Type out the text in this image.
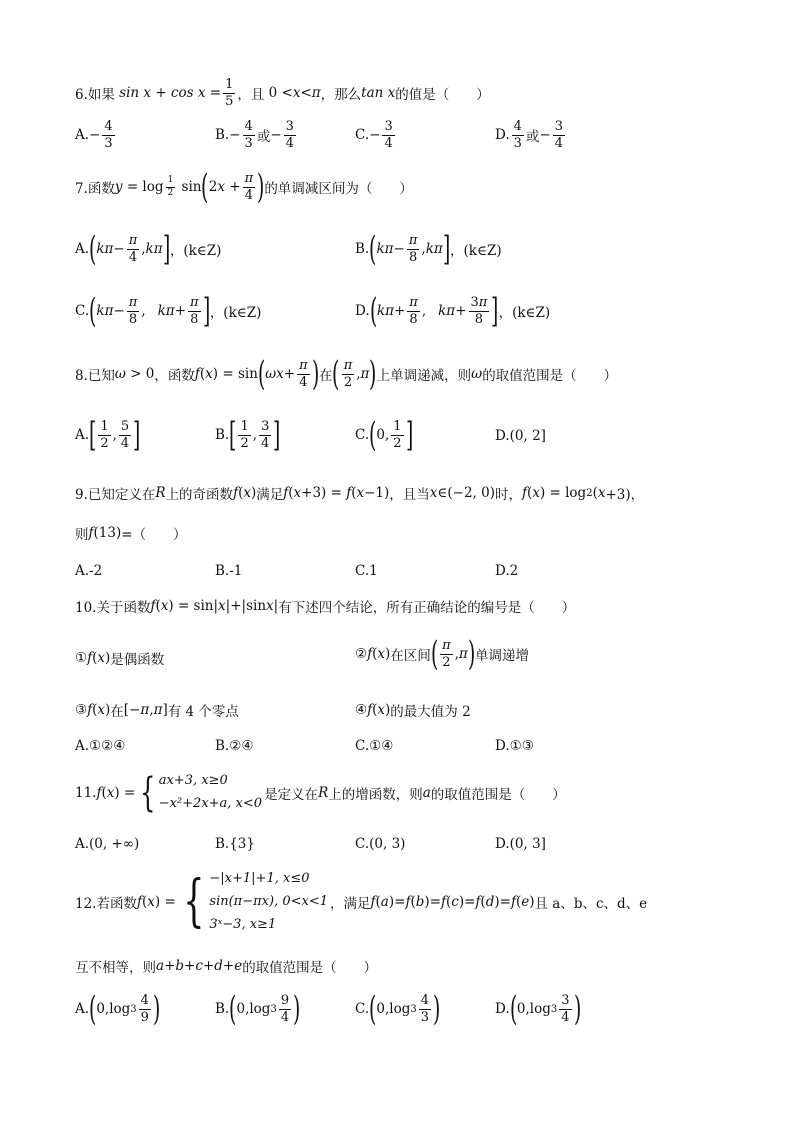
6.如果 $\sin x + \cos x = \frac{1}{5}$ ，且 0 < x < π ，那么 tan x 的值是（　　）
A. − $\frac{4}{3}$	B. − $\frac{4}{3}$ 或 − $\frac{3}{4}$	C. − $\frac{3}{4}$	D. $\frac{4}{3}$ 或 − $\frac{3}{4}$
7.函数 $y = \log \frac{1}{2}$ sin ( 2 $x + \frac{\pi}{4}$ ) 的单调减区间为（　　）
A. ( $k\pi - \frac{\pi}{4}$ , kπ ] ，(k∈Z)	B. ( $k\pi - \frac{\pi}{8}$ , kπ ] ，(k∈Z)
C. ( $k\pi - \frac{\pi}{8}$ , $k\pi + \frac{\pi}{8}$ ] ，(k∈Z)	D. ( $k\pi + \frac{\pi}{8}$ , $k\pi + \frac{3\pi}{8}$ ] ，(k∈Z)
8.已知 ω > 0 ，函数 f ( x ) = sin ( $\omega x + \frac{\pi}{4}$ ) 在 ( $\frac{\pi}{2}$ , π ) 上单调递减，则 ω 的取值范围是（　　）
A. [ $\frac{1}{2}$ , $\frac{5}{4}$ ]	B. [ $\frac{1}{2}$ , $\frac{3}{4}$ ]	C. ( 0, $\frac{1}{2}$ ]	D.(0, 2]
9.已知定义在 R 上的奇函数 f ( x ) 满足 f ( x +3) = f ( x −1) ，且当 x ∈(−2, 0) 时， f ( x ) = log 2 ( x +3)，
则 f (13) =（　　）
A.-2	B.-1	C.1	D.2
10.关于函数 f ( x ) = sin| x |+|sin x | 有下述四个结论，所有正确结论的编号是（　　）
① f ( x ) 是偶函数	② f ( x ) 在区间 ( $\frac{\pi}{2}$ , π ) 单调递增
③ f ( x ) 在 [− π , π ] 有 4 个零点	④ f ( x ) 的最大值为 2
A.①②④	B.②④	C.①④	D.①③
11. f ( x ) = { ax+3, x≥0
−x²+2x+a, x<0
是定义在 R 上的增函数，则 a 的取值范围是（　　）
A.(0, +∞)	B.{3}	C.(0, 3)	D.(0, 3]
12.若函数 f ( x ) = { −|x+1|+1, x≤0
sin(π−πx), 0<x<1
3ˣ−3, x≥1
，满足 f ( a )= f ( b )= f ( c )= f ( d )= f ( e ) 且 a、b、c、d、e
互不相等，则 a + b + c + d + e 的取值范围是（　　）
A. ( 0,log $3 \frac{4}{9}$ )	B. ( 0,log $3 \frac{9}{4}$ )	C. ( 0,log $3 \frac{4}{3}$ )	D. ( 0,log $3 \frac{3}{4}$ )
